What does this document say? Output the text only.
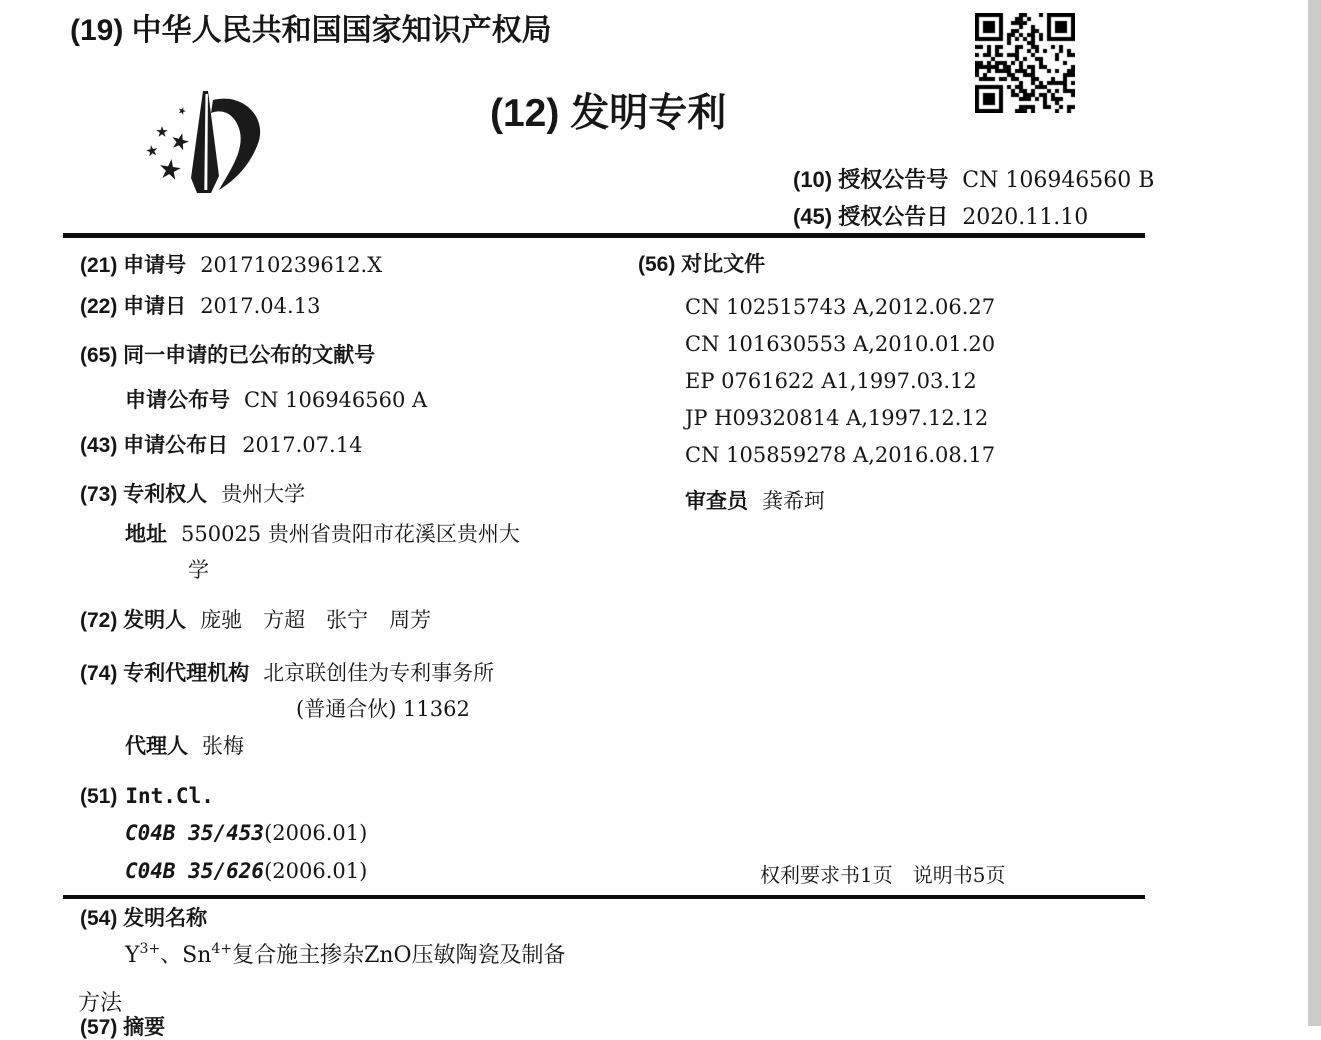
(19) 中华人民共和国国家知识产权局
(12) 发明专利
(10) 授权公告号 CN 106946560 B
(45) 授权公告日 2020.11.10
(21) 申请号 201710239612.X
(22) 申请日 2017.04.13
(65) 同一申请的已公布的文献号
申请公布号 CN 106946560 A
(43) 申请公布日 2017.07.14
(73) 专利权人 贵州大学
地址 550025 贵州省贵阳市花溪区贵州大
学
(72) 发明人 庞驰　方超　张宁　周芳
(74) 专利代理机构 北京联创佳为专利事务所
(普通合伙) 11362
代理人 张梅
(51) Int.Cl.
C04B 35/453(2006.01)
C04B 35/626(2006.01)
(56) 对比文件
CN 102515743 A,2012.06.27
CN 101630553 A,2010.01.20
EP 0761622 A1,1997.03.12
JP H09320814 A,1997.12.12
CN 105859278 A,2016.08.17
审查员 龚希珂
权利要求书1页　说明书5页
(54) 发明名称
$Y^{3+}$、$Sn^{4+}$复合施主掺杂ZnO压敏陶瓷及制备
方法
(57) 摘要
